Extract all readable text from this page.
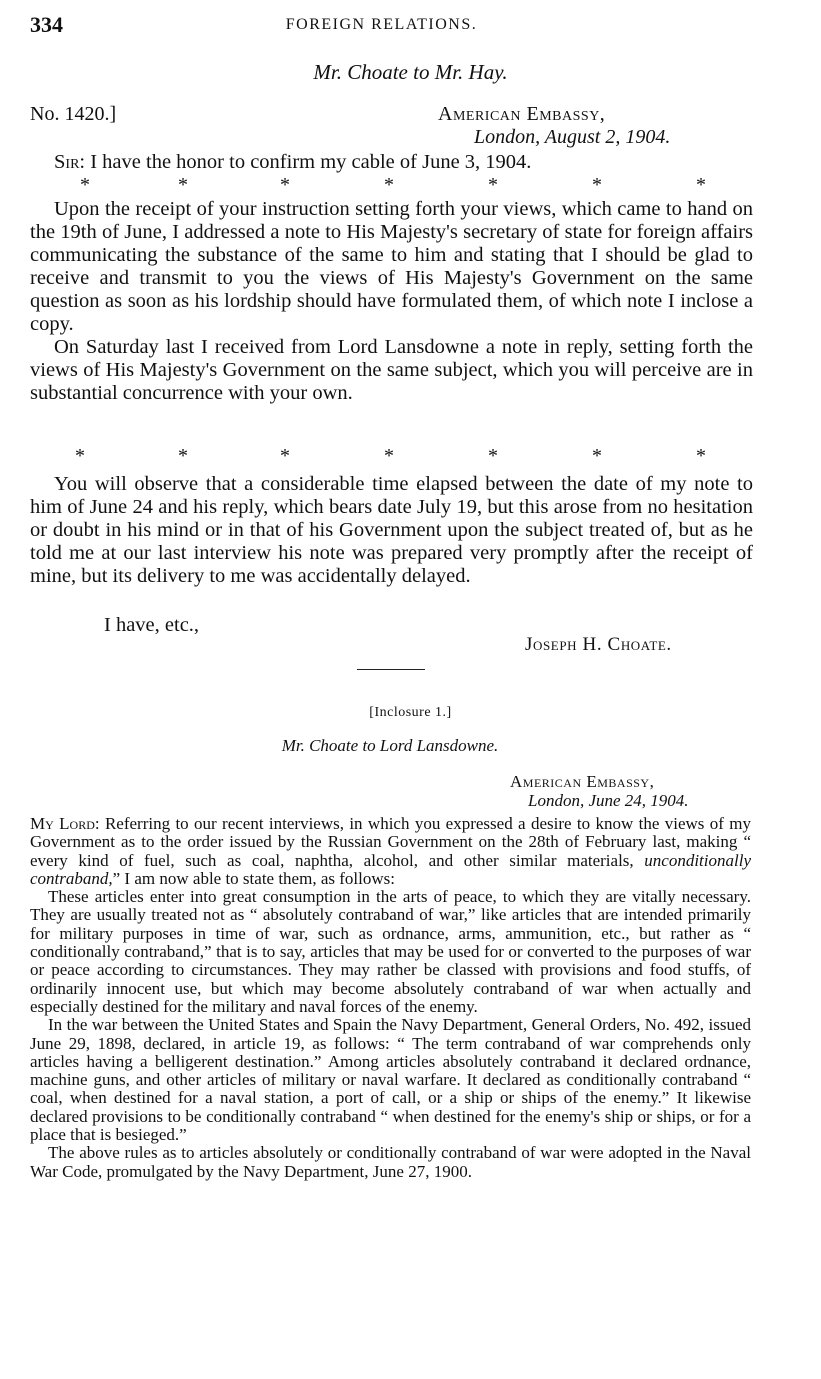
334	FOREIGN RELATIONS.
Mr. Choate to Mr. Hay.
No. 1420.]	American Embassy,
London, August 2, 1904.

Sir: I have the honor to confirm my cable of June 3, 1904.

*	*	*	*	*	*	*

Upon the receipt of your instruction setting forth your views, which came to hand on the 19th of June, I addressed a note to His Majesty's secretary of state for foreign affairs communicating the substance of the same to him and stating that I should be glad to receive and transmit to you the views of His Majesty's Government on the same question as soon as his lordship should have formulated them, of which note I inclose a copy.

On Saturday last I received from Lord Lansdowne a note in reply, setting forth the views of His Majesty's Government on the same subject, which you will perceive are in substantial concurrence with your own.

*	*	*	*	*	*	*

You will observe that a considerable time elapsed between the date of my note to him of June 24 and his reply, which bears date July 19, but this arose from no hesitation or doubt in his mind or in that of his Government upon the subject treated of, but as he told me at our last interview his note was prepared very promptly after the receipt of mine, but its delivery to me was accidentally delayed.

I have, etc.,
Joseph H. Choate.
[Inclosure 1.]
Mr. Choate to Lord Lansdowne.
American Embassy,
London, June 24, 1904.

My Lord: Referring to our recent interviews, in which you expressed a desire to know the views of my Government as to the order issued by the Russian Government on the 28th of February last, making “ every kind of fuel, such as coal, naphtha, alcohol, and other similar materials, unconditionally contraband,” I am now able to state them, as follows:

These articles enter into great consumption in the arts of peace, to which they are vitally necessary. They are usually treated not as “ absolutely contraband of war,” like articles that are intended primarily for military purposes in time of war, such as ordnance, arms, ammunition, etc., but rather as “ conditionally contraband,” that is to say, articles that may be used for or converted to the purposes of war or peace according to circumstances. They may rather be classed with provisions and food stuffs, of ordinarily innocent use, but which may become absolutely contraband of war when actually and especially destined for the military and naval forces of the enemy.

In the war between the United States and Spain the Navy Department, General Orders, No. 492, issued June 29, 1898, declared, in article 19, as follows: “ The term contraband of war comprehends only articles having a belligerent destination.” Among articles absolutely contraband it declared ordnance, machine guns, and other articles of military or naval warfare. It declared as conditionally contraband “ coal, when destined for a naval station, a port of call, or a ship or ships of the enemy.” It likewise declared provisions to be conditionally contraband “ when destined for the enemy's ship or ships, or for a place that is besieged.”

The above rules as to articles absolutely or conditionally contraband of war were adopted in the Naval War Code, promulgated by the Navy Department, June 27, 1900.
